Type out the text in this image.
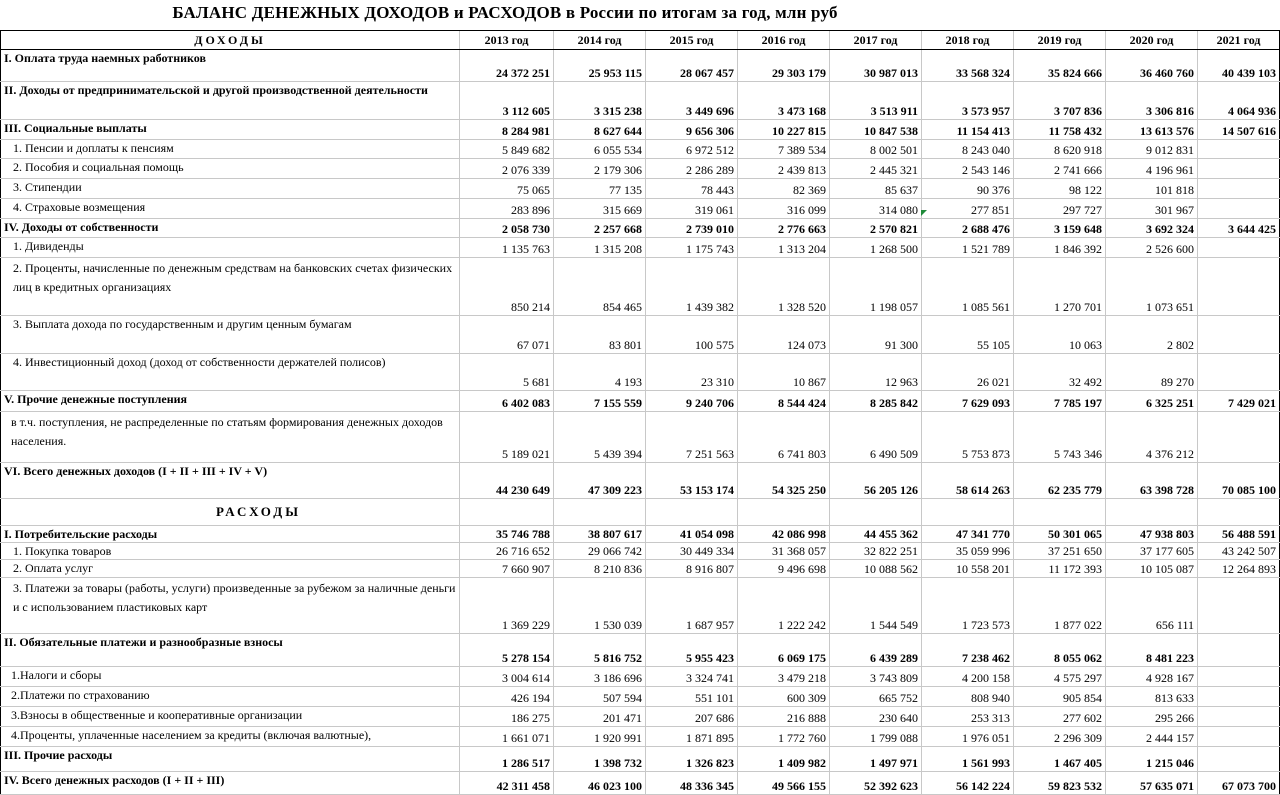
БАЛАНС ДЕНЕЖНЫХ ДОХОДОВ и РАСХОДОВ в России по итогам за год, млн руб
ДОХОДЫ	2013 год	2014 год	2015 год	2016 год	2017 год	2018 год	2019 год	2020 год	2021 год
I. Оплата труда наемных работников	24 372 251	25 953 115	28 067 457	29 303 179	30 987 013	33 568 324	35 824 666	36 460 760	40 439 103
II. Доходы от предпринимательской и другой производственной деятельности	3 112 605	3 315 238	3 449 696	3 473 168	3 513 911	3 573 957	3 707 836	3 306 816	4 064 936
III. Социальные выплаты	8 284 981	8 627 644	9 656 306	10 227 815	10 847 538	11 154 413	11 758 432	13 613 576	14 507 616
1. Пенсии и доплаты к пенсиям	5 849 682	6 055 534	6 972 512	7 389 534	8 002 501	8 243 040	8 620 918	9 012 831	
2. Пособия и социальная помощь	2 076 339	2 179 306	2 286 289	2 439 813	2 445 321	2 543 146	2 741 666	4 196 961	
3. Стипендии	75 065	77 135	78 443	82 369	85 637	90 376	98 122	101 818	
4. Страховые возмещения	283 896	315 669	319 061	316 099	314 080	277 851	297 727	301 967	
IV. Доходы от собственности	2 058 730	2 257 668	2 739 010	2 776 663	2 570 821	2 688 476	3 159 648	3 692 324	3 644 425
1. Дивиденды	1 135 763	1 315 208	1 175 743	1 313 204	1 268 500	1 521 789	1 846 392	2 526 600	
2. Проценты, начисленные по денежным средствам на банковских счетах физических лиц в кредитных организациях	850 214	854 465	1 439 382	1 328 520	1 198 057	1 085 561	1 270 701	1 073 651	
3. Выплата дохода по государственным и другим ценным бумагам	67 071	83 801	100 575	124 073	91 300	55 105	10 063	2 802	
4. Инвестиционный доход (доход от собственности держателей полисов)	5 681	4 193	23 310	10 867	12 963	26 021	32 492	89 270	
V. Прочие денежные поступления	6 402 083	7 155 559	9 240 706	8 544 424	8 285 842	7 629 093	7 785 197	6 325 251	7 429 021
в т.ч. поступления, не распределенные по статьям формирования денежных доходов населения.	5 189 021	5 439 394	7 251 563	6 741 803	6 490 509	5 753 873	5 743 346	4 376 212	
VI. Всего денежных доходов (I + II + III + IV + V)	44 230 649	47 309 223	53 153 174	54 325 250	56 205 126	58 614 263	62 235 779	63 398 728	70 085 100
РАСХОДЫ									
I. Потребительские расходы	35 746 788	38 807 617	41 054 098	42 086 998	44 455 362	47 341 770	50 301 065	47 938 803	56 488 591
1. Покупка товаров	26 716 652	29 066 742	30 449 334	31 368 057	32 822 251	35 059 996	37 251 650	37 177 605	43 242 507
2. Оплата услуг	7 660 907	8 210 836	8 916 807	9 496 698	10 088 562	10 558 201	11 172 393	10 105 087	12 264 893
3. Платежи за товары (работы, услуги) произведенные за рубежом за наличные деньги и с использованием пластиковых карт	1 369 229	1 530 039	1 687 957	1 222 242	1 544 549	1 723 573	1 877 022	656 111	
II. Обязательные платежи и разнообразные взносы	5 278 154	5 816 752	5 955 423	6 069 175	6 439 289	7 238 462	8 055 062	8 481 223	
1.Налоги и сборы	3 004 614	3 186 696	3 324 741	3 479 218	3 743 809	4 200 158	4 575 297	4 928 167	
2.Платежи по страхованию	426 194	507 594	551 101	600 309	665 752	808 940	905 854	813 633	
3.Взносы в общественные и кооперативные организации	186 275	201 471	207 686	216 888	230 640	253 313	277 602	295 266	
4.Проценты, уплаченные населением за кредиты (включая валютные),	1 661 071	1 920 991	1 871 895	1 772 760	1 799 088	1 976 051	2 296 309	2 444 157	
III. Прочие расходы	1 286 517	1 398 732	1 326 823	1 409 982	1 497 971	1 561 993	1 467 405	1 215 046	
IV. Всего денежных расходов (I + II + III)	42 311 458	46 023 100	48 336 345	49 566 155	52 392 623	56 142 224	59 823 532	57 635 071	67 073 700
